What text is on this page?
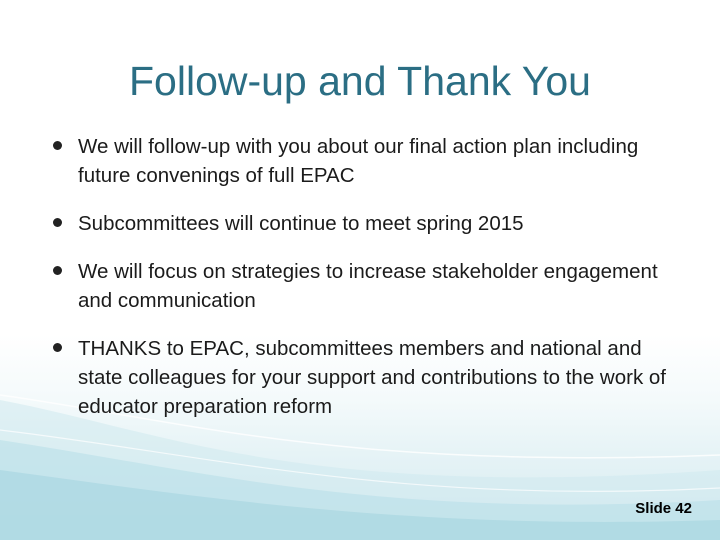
Follow-up and Thank You
We will follow-up with you about our final action plan including future convenings of full EPAC
Subcommittees will continue to meet spring 2015
We will focus on strategies to increase stakeholder engagement and communication
THANKS to EPAC, subcommittees members and national and state colleagues for your support and contributions to the work of educator preparation reform
Slide 42
